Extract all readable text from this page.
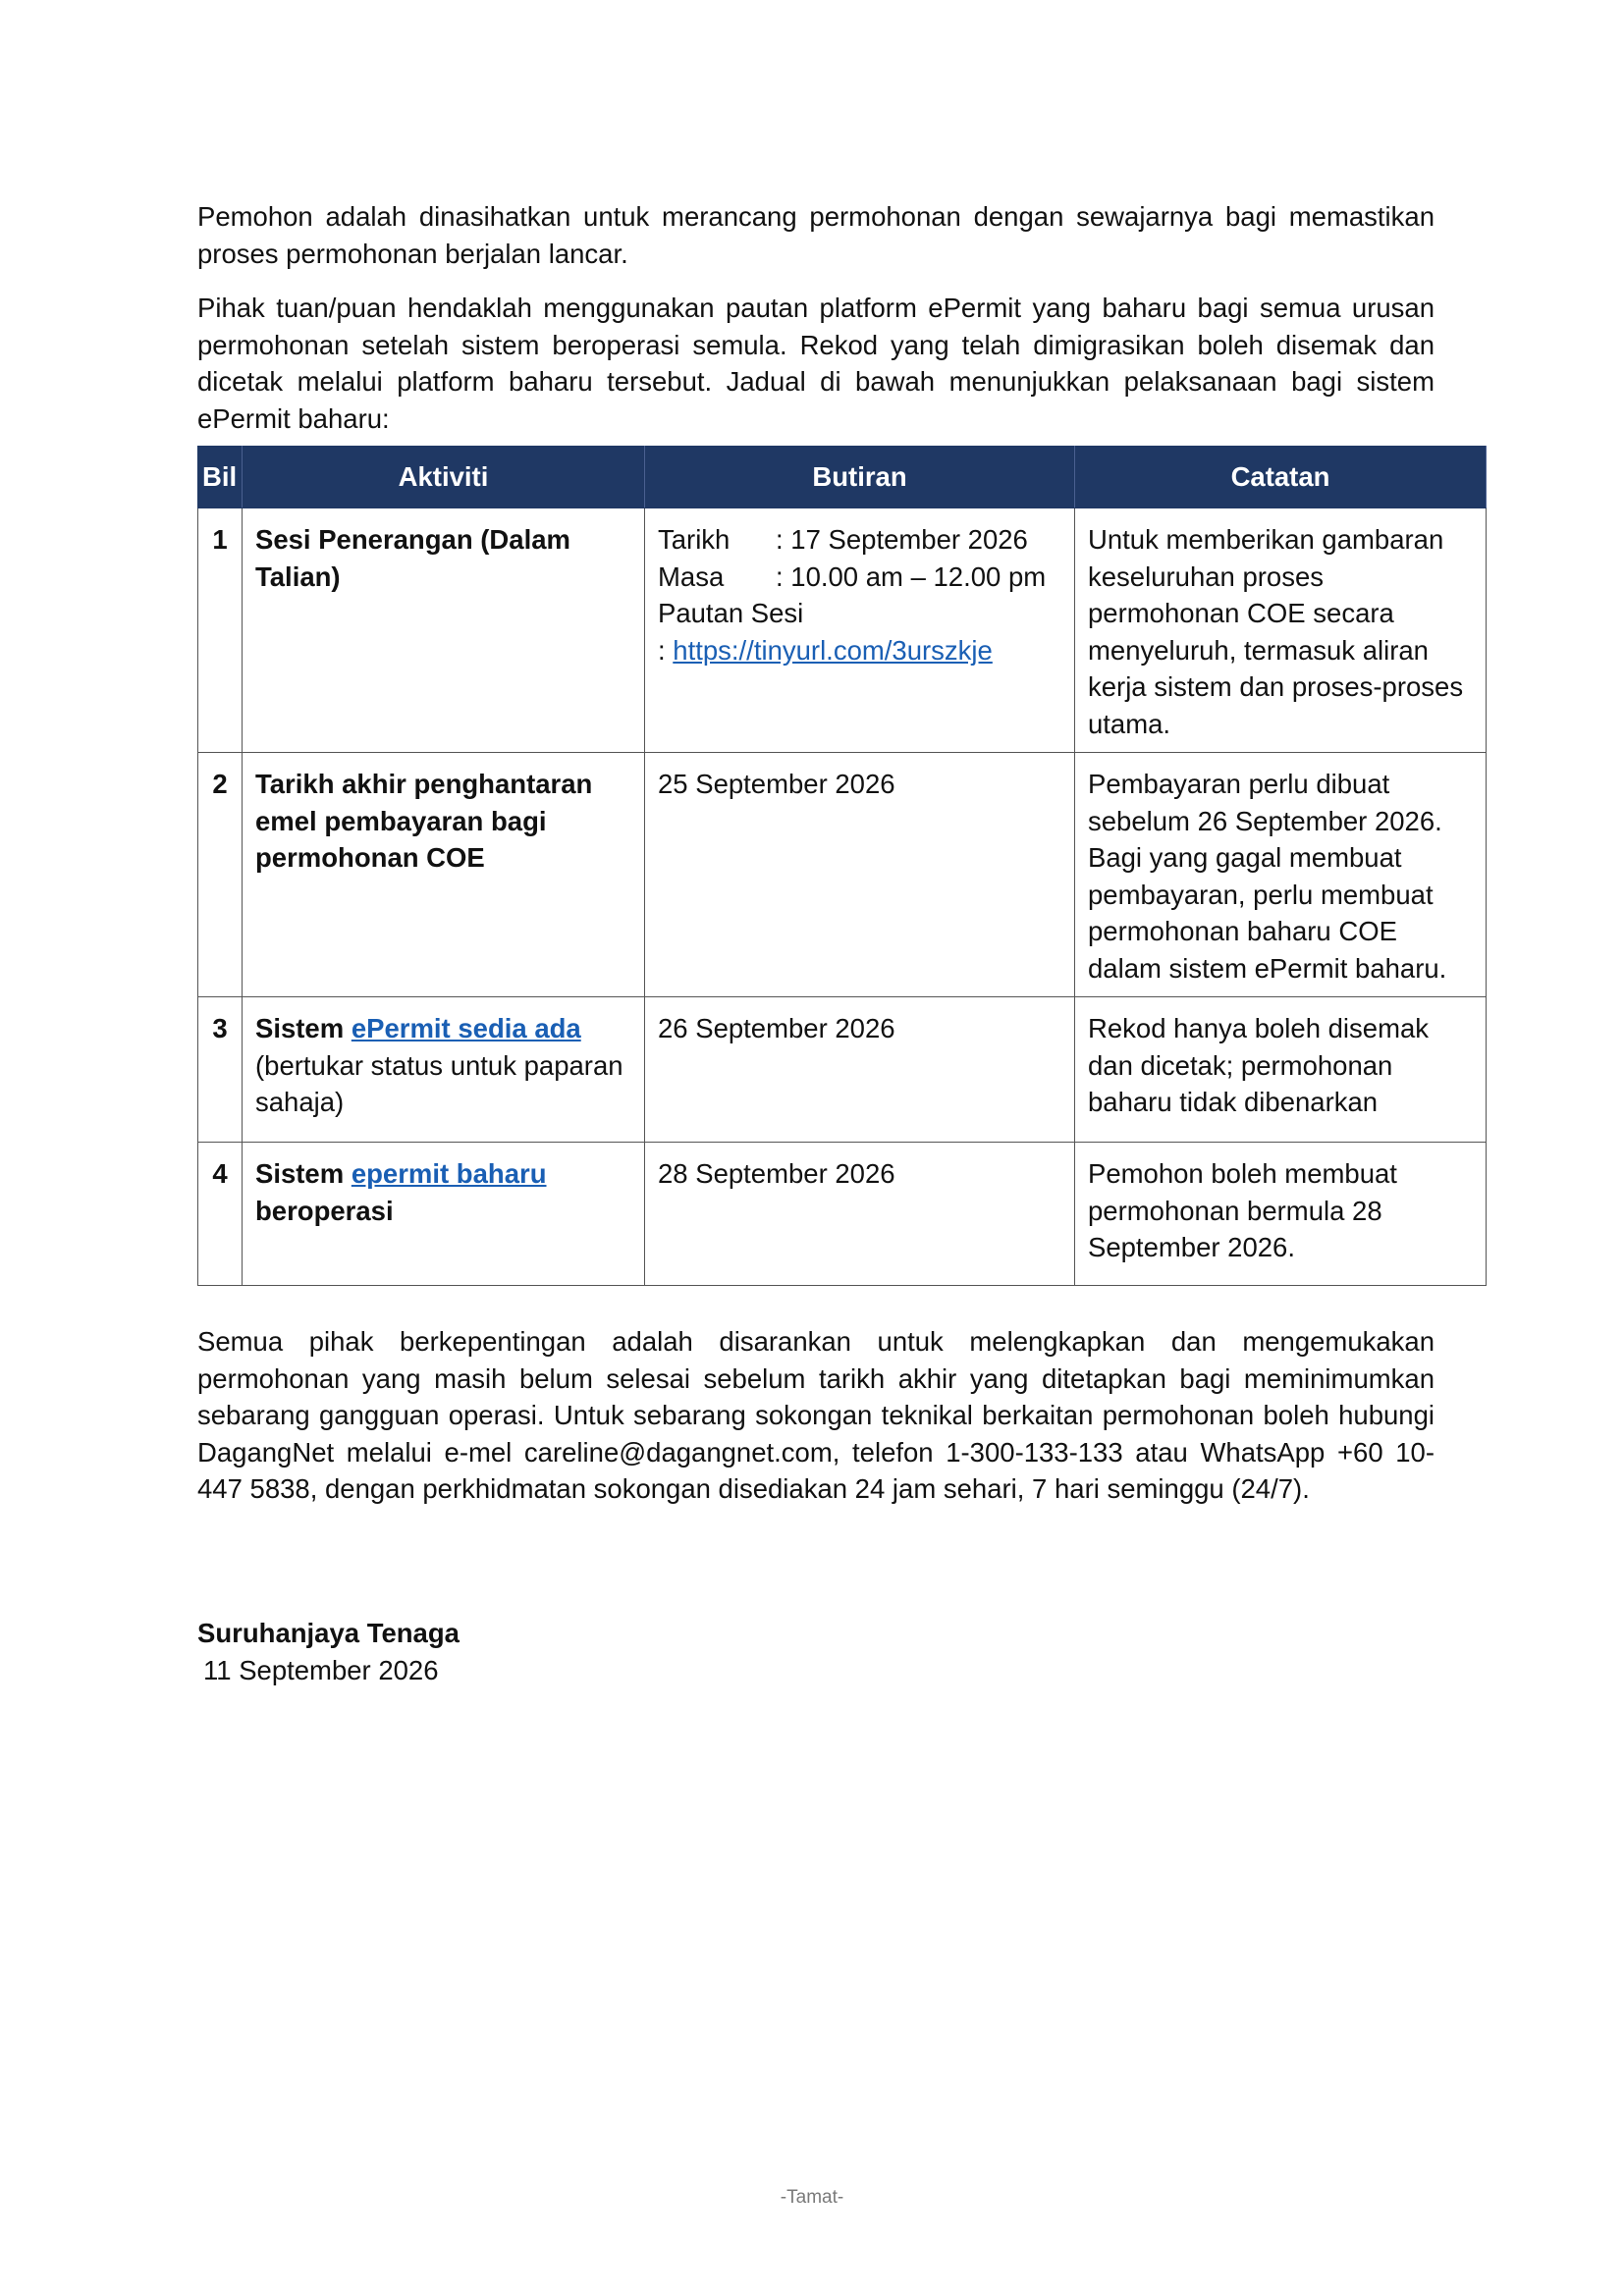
Pemohon adalah dinasihatkan untuk merancang permohonan dengan sewajarnya bagi memastikan proses permohonan berjalan lancar.

Pihak tuan/puan hendaklah menggunakan pautan platform ePermit yang baharu bagi semua urusan permohonan setelah sistem beroperasi semula. Rekod yang telah dimigrasikan boleh disemak dan dicetak melalui platform baharu tersebut. Jadual di bawah menunjukkan pelaksanaan bagi sistem ePermit baharu:

Bil	Aktiviti	Butiran	Catatan
1	Sesi Penerangan (Dalam Talian)	Tarikh : 17 September 2026
Masa : 10.00 am – 12.00 pm
Pautan Sesi
: https://tinyurl.com/3urszkje	Untuk memberikan gambaran keseluruhan proses permohonan COE secara menyeluruh, termasuk aliran kerja sistem dan proses-proses utama.
2	Tarikh akhir penghantaran emel pembayaran bagi permohonan COE	25 September 2026	Pembayaran perlu dibuat sebelum 26 September 2026. Bagi yang gagal membuat pembayaran, perlu membuat permohonan baharu COE dalam sistem ePermit baharu.
3	Sistem ePermit sedia ada
(bertukar status untuk paparan sahaja)	26 September 2026	Rekod hanya boleh disemak dan dicetak; permohonan baharu tidak dibenarkan
4	Sistem epermit baharu
beroperasi	28 September 2026	Pemohon boleh membuat permohonan bermula 28 September 2026.

Semua pihak berkepentingan adalah disarankan untuk melengkapkan dan mengemukakan permohonan yang masih belum selesai sebelum tarikh akhir yang ditetapkan bagi meminimumkan sebarang gangguan operasi. Untuk sebarang sokongan teknikal berkaitan permohonan boleh hubungi DagangNet melalui e-mel careline@dagangnet.com, telefon 1-300-133-133 atau WhatsApp +60 10-447 5838, dengan perkhidmatan sokongan disediakan 24 jam sehari, 7 hari seminggu (24/7).

Suruhanjaya Tenaga
11 September 2026
-Tamat-
